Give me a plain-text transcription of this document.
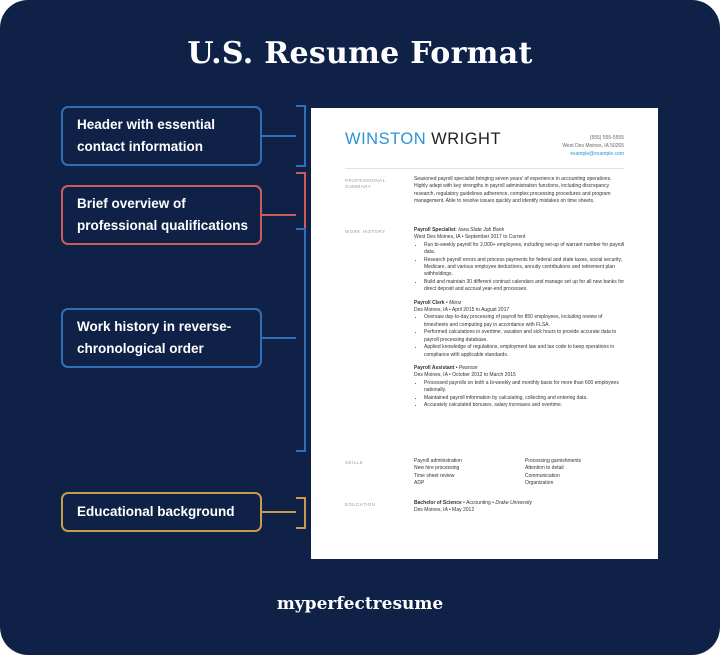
U.S. Resume Format
Header with essential contact information
Brief overview of professional qualifications
Work history in reverse-chronological order
Educational background
WINSTON WRIGHT	(555) 555-5555
West Des Moines, IA 50265
example@example.com
PROFESSIONAL SUMMARY
Seasoned payroll specialist bringing seven years' of experience in accounting operations. Highly adept with key strengths in payroll administration functions, including discrepancy research, regulatory guidelines adherence, complex processing procedures and program management. Able to resolve issues quickly and identify mistakes on time sheets.
WORK HISTORY	Payroll Specialist: Iowa State Job Bank
West Des Moines, IA • September 2017 to Current
• Run bi-weekly payroll for 2,000+ employees, including set-up of warrant number for payroll data.
• Research payroll errors and process payments for federal and state taxes, social security, Medicare, and various employee deductions, annuity contributions and retirement plan withholdings.
• Build and maintain 30 different contract calendars and manage set up for all new banks for direct deposit and accrual year-end processes.
Payroll Clerk • Menz
Des Moines, IA • April 2015 to August 2017
• Oversaw day-to-day processing of payroll for 850 employees, including review of timesheets and computing pay in accordance with FLSA.
• Performed calculations in overtime, vacation and sick hours to provide accurate data to payroll processing database.
• Applied knowledge of regulations, employment law and tax code to keep operations in compliance with applicable standards.
Payroll Assistant • Pearson
Des Moines, IA • October 2012 to March 2015
• Processed payrolls on both a bi-weekly and monthly basis for more than 600 employees nationally.
• Maintained payroll information by calculating, collecting and entering data.
• Accurately calculated bonuses, salary increases and overtime.
SKILLS	Payroll administration	Processing garnishments
New hire processing	Attention to detail
Time sheet review	Communication
ADP	Organization
EDUCATION	Bachelor of Science • Accounting • Drake University
Des Moines, IA • May 2012
myperfectresume
